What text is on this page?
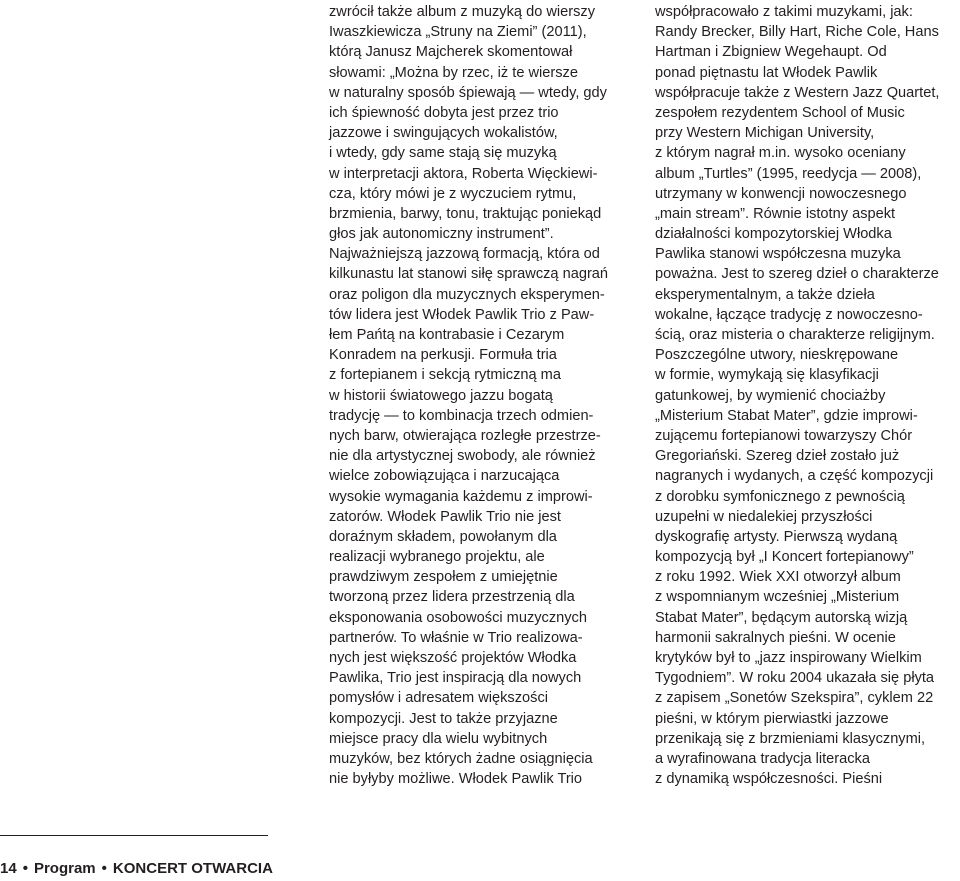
zwrócił także album z muzyką do wierszy
Iwaszkiewicza „Struny na Ziemi” (2011),
którą Janusz Majcherek skomentował
słowami: „Można by rzec, iż te wiersze
w naturalny sposób śpiewają — wtedy, gdy
ich śpiewność dobyta jest przez trio
jazzowe i swingujących wokalistów,
i wtedy, gdy same stają się muzyką
w interpretacji aktora, Roberta Więckiewi-
cza, który mówi je z wyczuciem rytmu,
brzmienia, barwy, tonu, traktując poniekąd
głos jak autonomiczny instrument”.
Najważniejszą jazzową formacją, która od
kilkunastu lat stanowi siłę sprawczą nagrań
oraz poligon dla muzycznych eksperymen-
tów lidera jest Włodek Pawlik Trio z Paw-
łem Pańtą na kontrabasie i Cezarym
Konradem na perkusji. Formuła tria
z fortepianem i sekcją rytmiczną ma
w historii światowego jazzu bogatą
tradycję — to kombinacja trzech odmien-
nych barw, otwierająca rozległe przestrze-
nie dla artystycznej swobody, ale również
wielce zobowiązująca i narzucająca
wysokie wymagania każdemu z improwi-
zatorów. Włodek Pawlik Trio nie jest
doraźnym składem, powołanym dla
realizacji wybranego projektu, ale
prawdziwym zespołem z umiejętnie
tworzoną przez lidera przestrzenią dla
eksponowania osobowości muzycznych
partnerów. To właśnie w Trio realizowa-
nych jest większość projektów Włodka
Pawlika, Trio jest inspiracją dla nowych
pomysłów i adresatem większości
kompozycji. Jest to także przyjazne
miejsce pracy dla wielu wybitnych
muzyków, bez których żadne osiągnięcia
nie byłyby możliwe. Włodek Pawlik Trio
współpracowało z takimi muzykami, jak:
Randy Brecker, Billy Hart, Riche Cole, Hans
Hartman i Zbigniew Wegehaupt. Od
ponad piętnastu lat Włodek Pawlik
współpracuje także z Western Jazz Quartet,
zespołem rezydentem School of Music
przy Western Michigan University,
z którym nagrał m.in. wysoko oceniany
album „Turtles” (1995, reedycja — 2008),
utrzymany w konwencji nowoczesnego
„main stream”. Równie istotny aspekt
działalności kompozytorskiej Włodka
Pawlika stanowi współczesna muzyka
poważna. Jest to szereg dzieł o charakterze
eksperymentalnym, a także dzieła
wokalne, łączące tradycję z nowoczesno-
ścią, oraz misteria o charakterze religijnym.
Poszczególne utwory, nieskrępowane
w formie, wymykają się klasyfikacji
gatunkowej, by wymienić chociażby
„Misterium Stabat Mater”, gdzie improwi-
zującemu fortepianowi towarzyszy Chór
Gregoriański. Szereg dzieł zostało już
nagranych i wydanych, a część kompozycji
z dorobku symfonicznego z pewnością
uzupełni w niedalekiej przyszłości
dyskografię artysty. Pierwszą wydaną
kompozycją był „I Koncert fortepianowy”
z roku 1992. Wiek XXI otworzył album
z wspomnianym wcześniej „Misterium
Stabat Mater”, będącym autorską wizją
harmonii sakralnych pieśni. W ocenie
krytyków był to „jazz inspirowany Wielkim
Tygodniem”. W roku 2004 ukazała się płyta
z zapisem „Sonetów Szekspira”, cyklem 22
pieśni, w którym pierwiastki jazzowe
przenikają się z brzmieniami klasycznymi,
a wyrafinowana tradycja literacka
z dynamiką współczesności. Pieśni
14 • Program • KONCERT OTWARCIA
